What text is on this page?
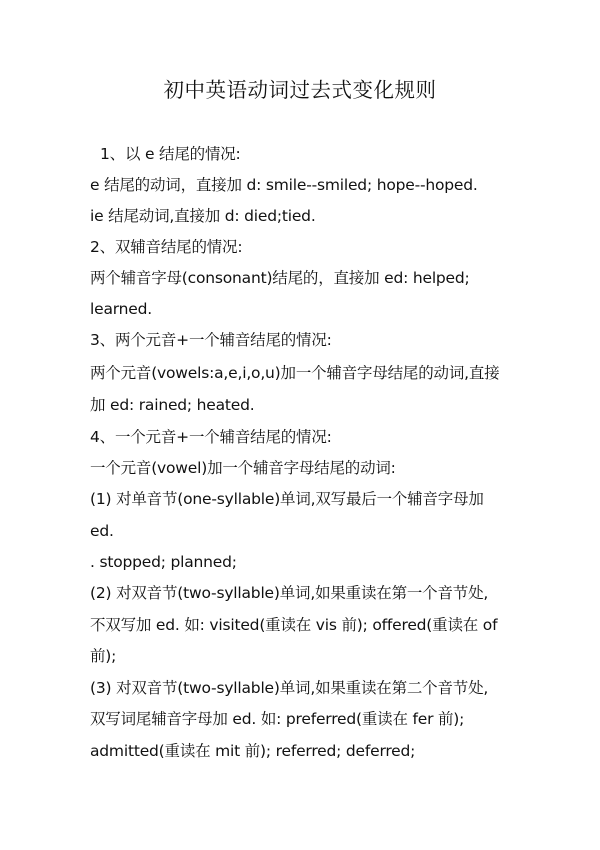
初中英语动词过去式变化规则
1、以 e 结尾的情况:
e 结尾的动词，直接加 d: smile--smiled; hope--hoped.
ie 结尾动词,直接加 d: died;tied.
2、双辅音结尾的情况:
两个辅音字母(consonant)结尾的，直接加 ed: helped;
learned.
3、两个元音+一个辅音结尾的情况:
两个元音(vowels:a,e,i,o,u)加一个辅音字母结尾的动词,直接
加 ed: rained; heated.
4、一个元音+一个辅音结尾的情况:
一个元音(vowel)加一个辅音字母结尾的动词:
(1) 对单音节(one-syllable)单词,双写最后一个辅音字母加
ed.
. stopped; planned;
(2) 对双音节(two-syllable)单词,如果重读在第一个音节处,
不双写加 ed. 如: visited(重读在 vis 前); offered(重读在 of
前);
(3) 对双音节(two-syllable)单词,如果重读在第二个音节处,
双写词尾辅音字母加 ed. 如: preferred(重读在 fer 前);
admitted(重读在 mit 前); referred; deferred;
